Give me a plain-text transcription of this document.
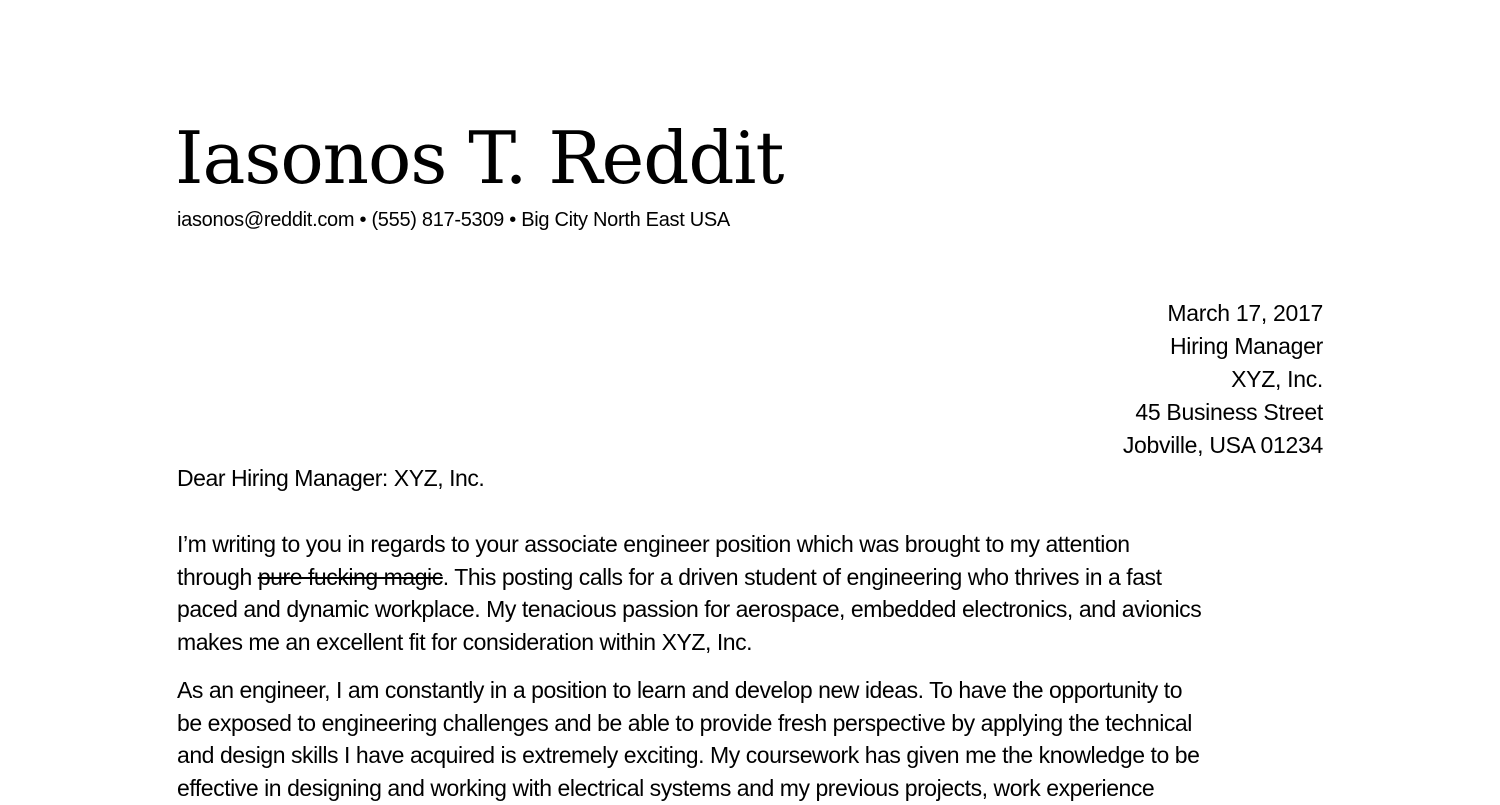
Iasonos T. Reddit
iasonos@reddit.com • (555) 817-5309 • Big City North East USA
March 17, 2017
Hiring Manager
XYZ, Inc.
45 Business Street
Jobville, USA 01234
Dear Hiring Manager: XYZ, Inc.
I’m writing to you in regards to your associate engineer position which was brought to my attention
through pure fucking magic. This posting calls for a driven student of engineering who thrives in a fast
paced and dynamic workplace. My tenacious passion for aerospace, embedded electronics, and avionics
makes me an excellent fit for consideration within XYZ, Inc.
As an engineer, I am constantly in a position to learn and develop new ideas. To have the opportunity to
be exposed to engineering challenges and be able to provide fresh perspective by applying the technical
and design skills I have acquired is extremely exciting. My coursework has given me the knowledge to be
effective in designing and working with electrical systems and my previous projects, work experience
